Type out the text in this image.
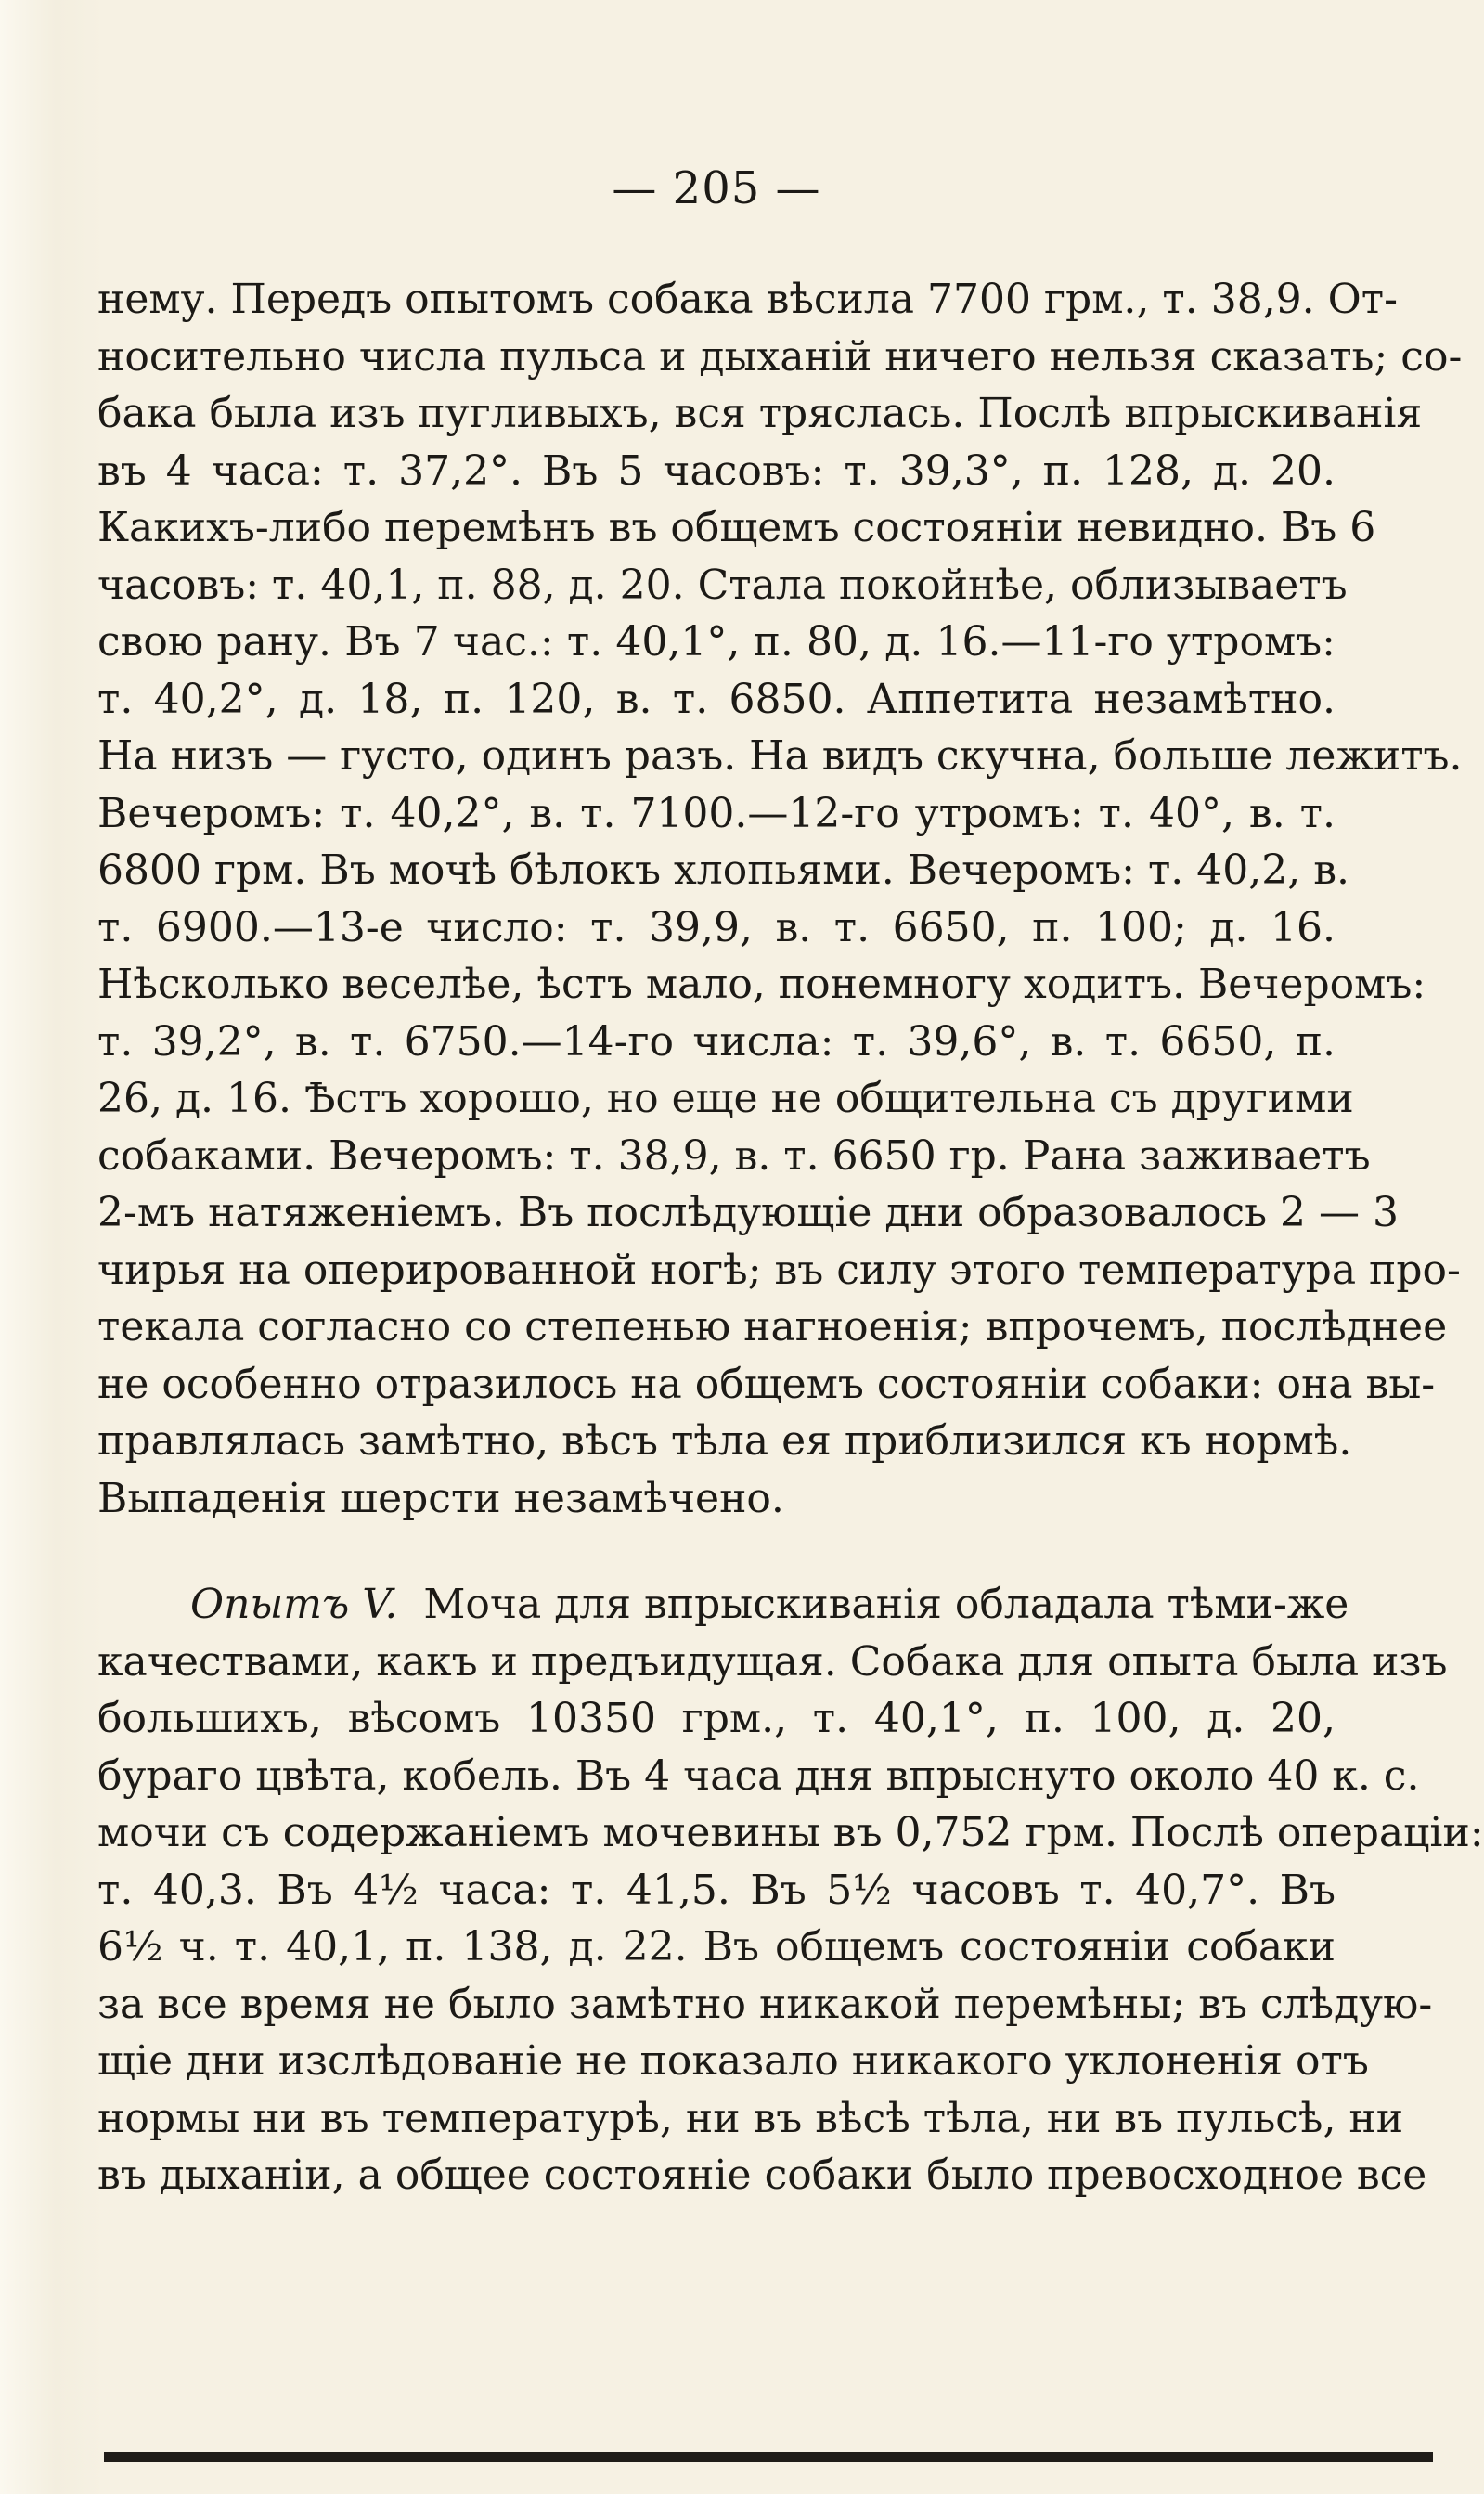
— 205 —
нему. Передъ опытомъ собака вѣсила 7700 грм., т. 38,9. От-
носительно числа пульса и дыханій ничего нельзя сказать; со-
бака была изъ пугливыхъ, вся тряслась. Послѣ впрыскиванія
въ 4 часа: т. 37,2°. Въ 5 часовъ: т. 39,3°, п. 128, д. 20.
Какихъ-либо перемѣнъ въ общемъ состояніи невидно. Въ 6
часовъ: т. 40,1, п. 88, д. 20. Стала покойнѣе, облизываетъ
свою рану. Въ 7 час.: т. 40,1°, п. 80, д. 16.—11-го утромъ:
т. 40,2°, д. 18, п. 120, в. т. 6850. Аппетита незамѣтно.
На низъ — густо, одинъ разъ. На видъ скучна, больше лежитъ.
Вечеромъ: т. 40,2°, в. т. 7100.—12-го утромъ: т. 40°, в. т.
6800 грм. Въ мочѣ бѣлокъ хлопьями. Вечеромъ: т. 40,2, в.
т. 6900.—13-е число: т. 39,9, в. т. 6650, п. 100; д. 16.
Нѣсколько веселѣе, ѣстъ мало, понемногу ходитъ. Вечеромъ:
т. 39,2°, в. т. 6750.—14-го числа: т. 39,6°, в. т. 6650, п.
26, д. 16. Ѣстъ хорошо, но еще не общительна съ другими
собаками. Вечеромъ: т. 38,9, в. т. 6650 гр. Рана заживаетъ
2-мъ натяженіемъ. Въ послѣдующіе дни образовалось 2 — 3
чирья на оперированной ногѣ; въ силу этого температура про-
текала согласно со степенью нагноенія; впрочемъ, послѣднее
не особенно отразилось на общемъ состояніи собаки: она вы-
правлялась замѣтно, вѣсъ тѣла ея приблизился къ нормѣ.
Выпаденія шерсти незамѣчено.
Опытъ V. Моча для впрыскиванія обладала тѣми-же
качествами, какъ и предъидущая. Собака для опыта была изъ
большихъ, вѣсомъ 10350 грм., т. 40,1°, п. 100, д. 20,
бураго цвѣта, кобель. Въ 4 часа дня впрыснуто около 40 к. с.
мочи съ содержаніемъ мочевины въ 0,752 грм. Послѣ операціи:
т. 40,3. Въ 4½ часа: т. 41,5. Въ 5½ часовъ т. 40,7°. Въ
6½ ч. т. 40,1, п. 138, д. 22. Въ общемъ состояніи собаки
за все время не было замѣтно никакой перемѣны; въ слѣдую-
щіе дни изслѣдованіе не показало никакого уклоненія отъ
нормы ни въ температурѣ, ни въ вѣсѣ тѣла, ни въ пульсѣ, ни
въ дыханіи, а общее состояніе собаки было превосходное все
